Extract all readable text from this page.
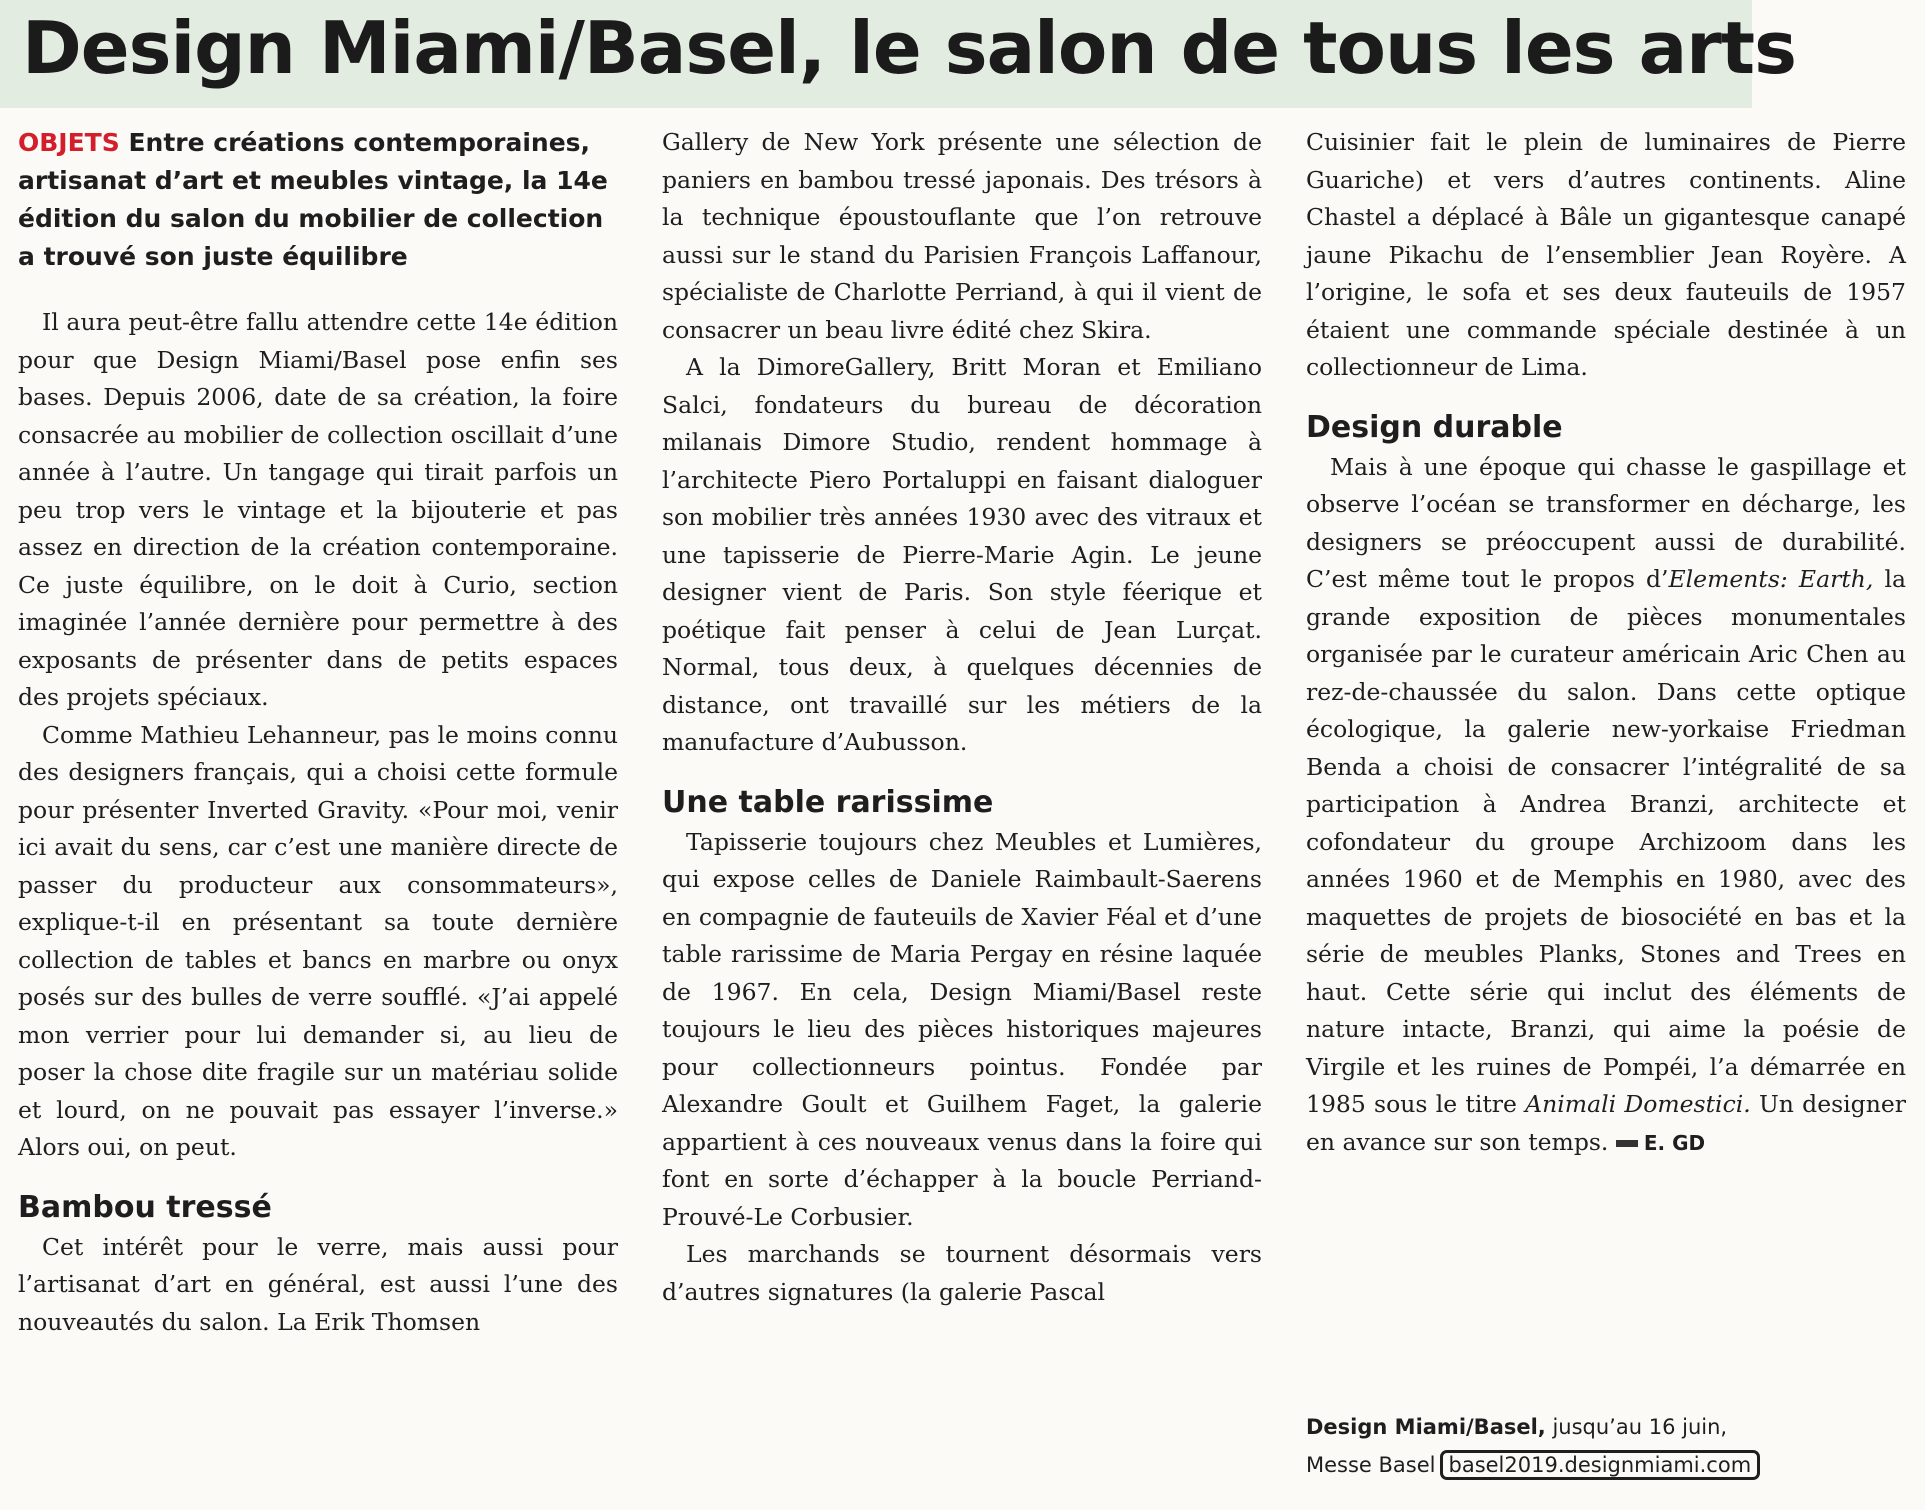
Design Miami/Basel, le salon de tous les arts
OBJETS Entre créations contemporaines, artisanat d’art et meubles vintage, la 14e édition du salon du mobilier de collection a trouvé son juste équilibre

Il aura peut-être fallu attendre cette 14e édition pour que Design Miami/Basel pose enfin ses bases. Depuis 2006, date de sa création, la foire consacrée au mobilier de collection oscillait d’une année à l’autre. Un tangage qui tirait parfois un peu trop vers le vintage et la bijouterie et pas assez en direction de la création contemporaine. Ce juste équilibre, on le doit à Curio, section imaginée l’année dernière pour permettre à des exposants de présenter dans de petits espaces des projets spéciaux.

Comme Mathieu Lehanneur, pas le moins connu des designers français, qui a choisi cette formule pour présenter Inverted Gravity. «Pour moi, venir ici avait du sens, car c’est une manière directe de passer du producteur aux consommateurs», explique-t-il en présentant sa toute dernière collection de tables et bancs en marbre ou onyx posés sur des bulles de verre soufflé. «J’ai appelé mon verrier pour lui demander si, au lieu de poser la chose dite fragile sur un matériau solide et lourd, on ne pouvait pas essayer l’inverse.» Alors oui, on peut.

Bambou tressé

Cet intérêt pour le verre, mais aussi pour l’artisanat d’art en général, est aussi l’une des nouveautés du salon. La Erik Thomsen

Gallery de New York présente une sélection de paniers en bambou tressé japonais. Des trésors à la technique époustouflante que l’on retrouve aussi sur le stand du Parisien François Laffanour, spécialiste de Charlotte Perriand, à qui il vient de consacrer un beau livre édité chez Skira.

A la DimoreGallery, Britt Moran et Emiliano Salci, fondateurs du bureau de décoration milanais Dimore Studio, rendent hommage à l’architecte Piero Portaluppi en faisant dialoguer son mobilier très années 1930 avec des vitraux et une tapisserie de Pierre-Marie Agin. Le jeune designer vient de Paris. Son style féerique et poétique fait penser à celui de Jean Lurçat. Normal, tous deux, à quelques décennies de distance, ont travaillé sur les métiers de la manufacture d’Aubusson.

Une table rarissime

Tapisserie toujours chez Meubles et Lumières, qui expose celles de Daniele Raimbault-Saerens en compagnie de fauteuils de Xavier Féal et d’une table rarissime de Maria Pergay en résine laquée de 1967. En cela, Design Miami/Basel reste toujours le lieu des pièces historiques majeures pour collectionneurs pointus. Fondée par Alexandre Goult et Guilhem Faget, la galerie appartient à ces nouveaux venus dans la foire qui font en sorte d’échapper à la boucle Perriand-Prouvé-Le Corbusier.

Les marchands se tournent désormais vers d’autres signatures (la galerie Pascal

Cuisinier fait le plein de luminaires de Pierre Guariche) et vers d’autres continents. Aline Chastel a déplacé à Bâle un gigantesque canapé jaune Pikachu de l’ensemblier Jean Royère. A l’origine, le sofa et ses deux fauteuils de 1957 étaient une commande spéciale destinée à un collectionneur de Lima.

Design durable

Mais à une époque qui chasse le gaspillage et observe l’océan se transformer en décharge, les designers se préoccupent aussi de durabilité. C’est même tout le propos d’Elements: Earth, la grande exposition de pièces monumentales organisée par le curateur américain Aric Chen au rez-de-chaussée du salon. Dans cette optique écologique, la galerie new-yorkaise Friedman Benda a choisi de consacrer l’intégralité de sa participation à Andrea Branzi, architecte et cofondateur du groupe Archizoom dans les années 1960 et de Memphis en 1980, avec des maquettes de projets de biosociété en bas et la série de meubles Planks, Stones and Trees en haut. Cette série qui inclut des éléments de nature intacte, Branzi, qui aime la poésie de Virgile et les ruines de Pompéi, l’a démarrée en 1985 sous le titre Animali Domestici. Un designer en avance sur son temps. E. GD

Design Miami/Basel, jusqu’au 16 juin,
Messe Basel basel2019.designmiami.com
